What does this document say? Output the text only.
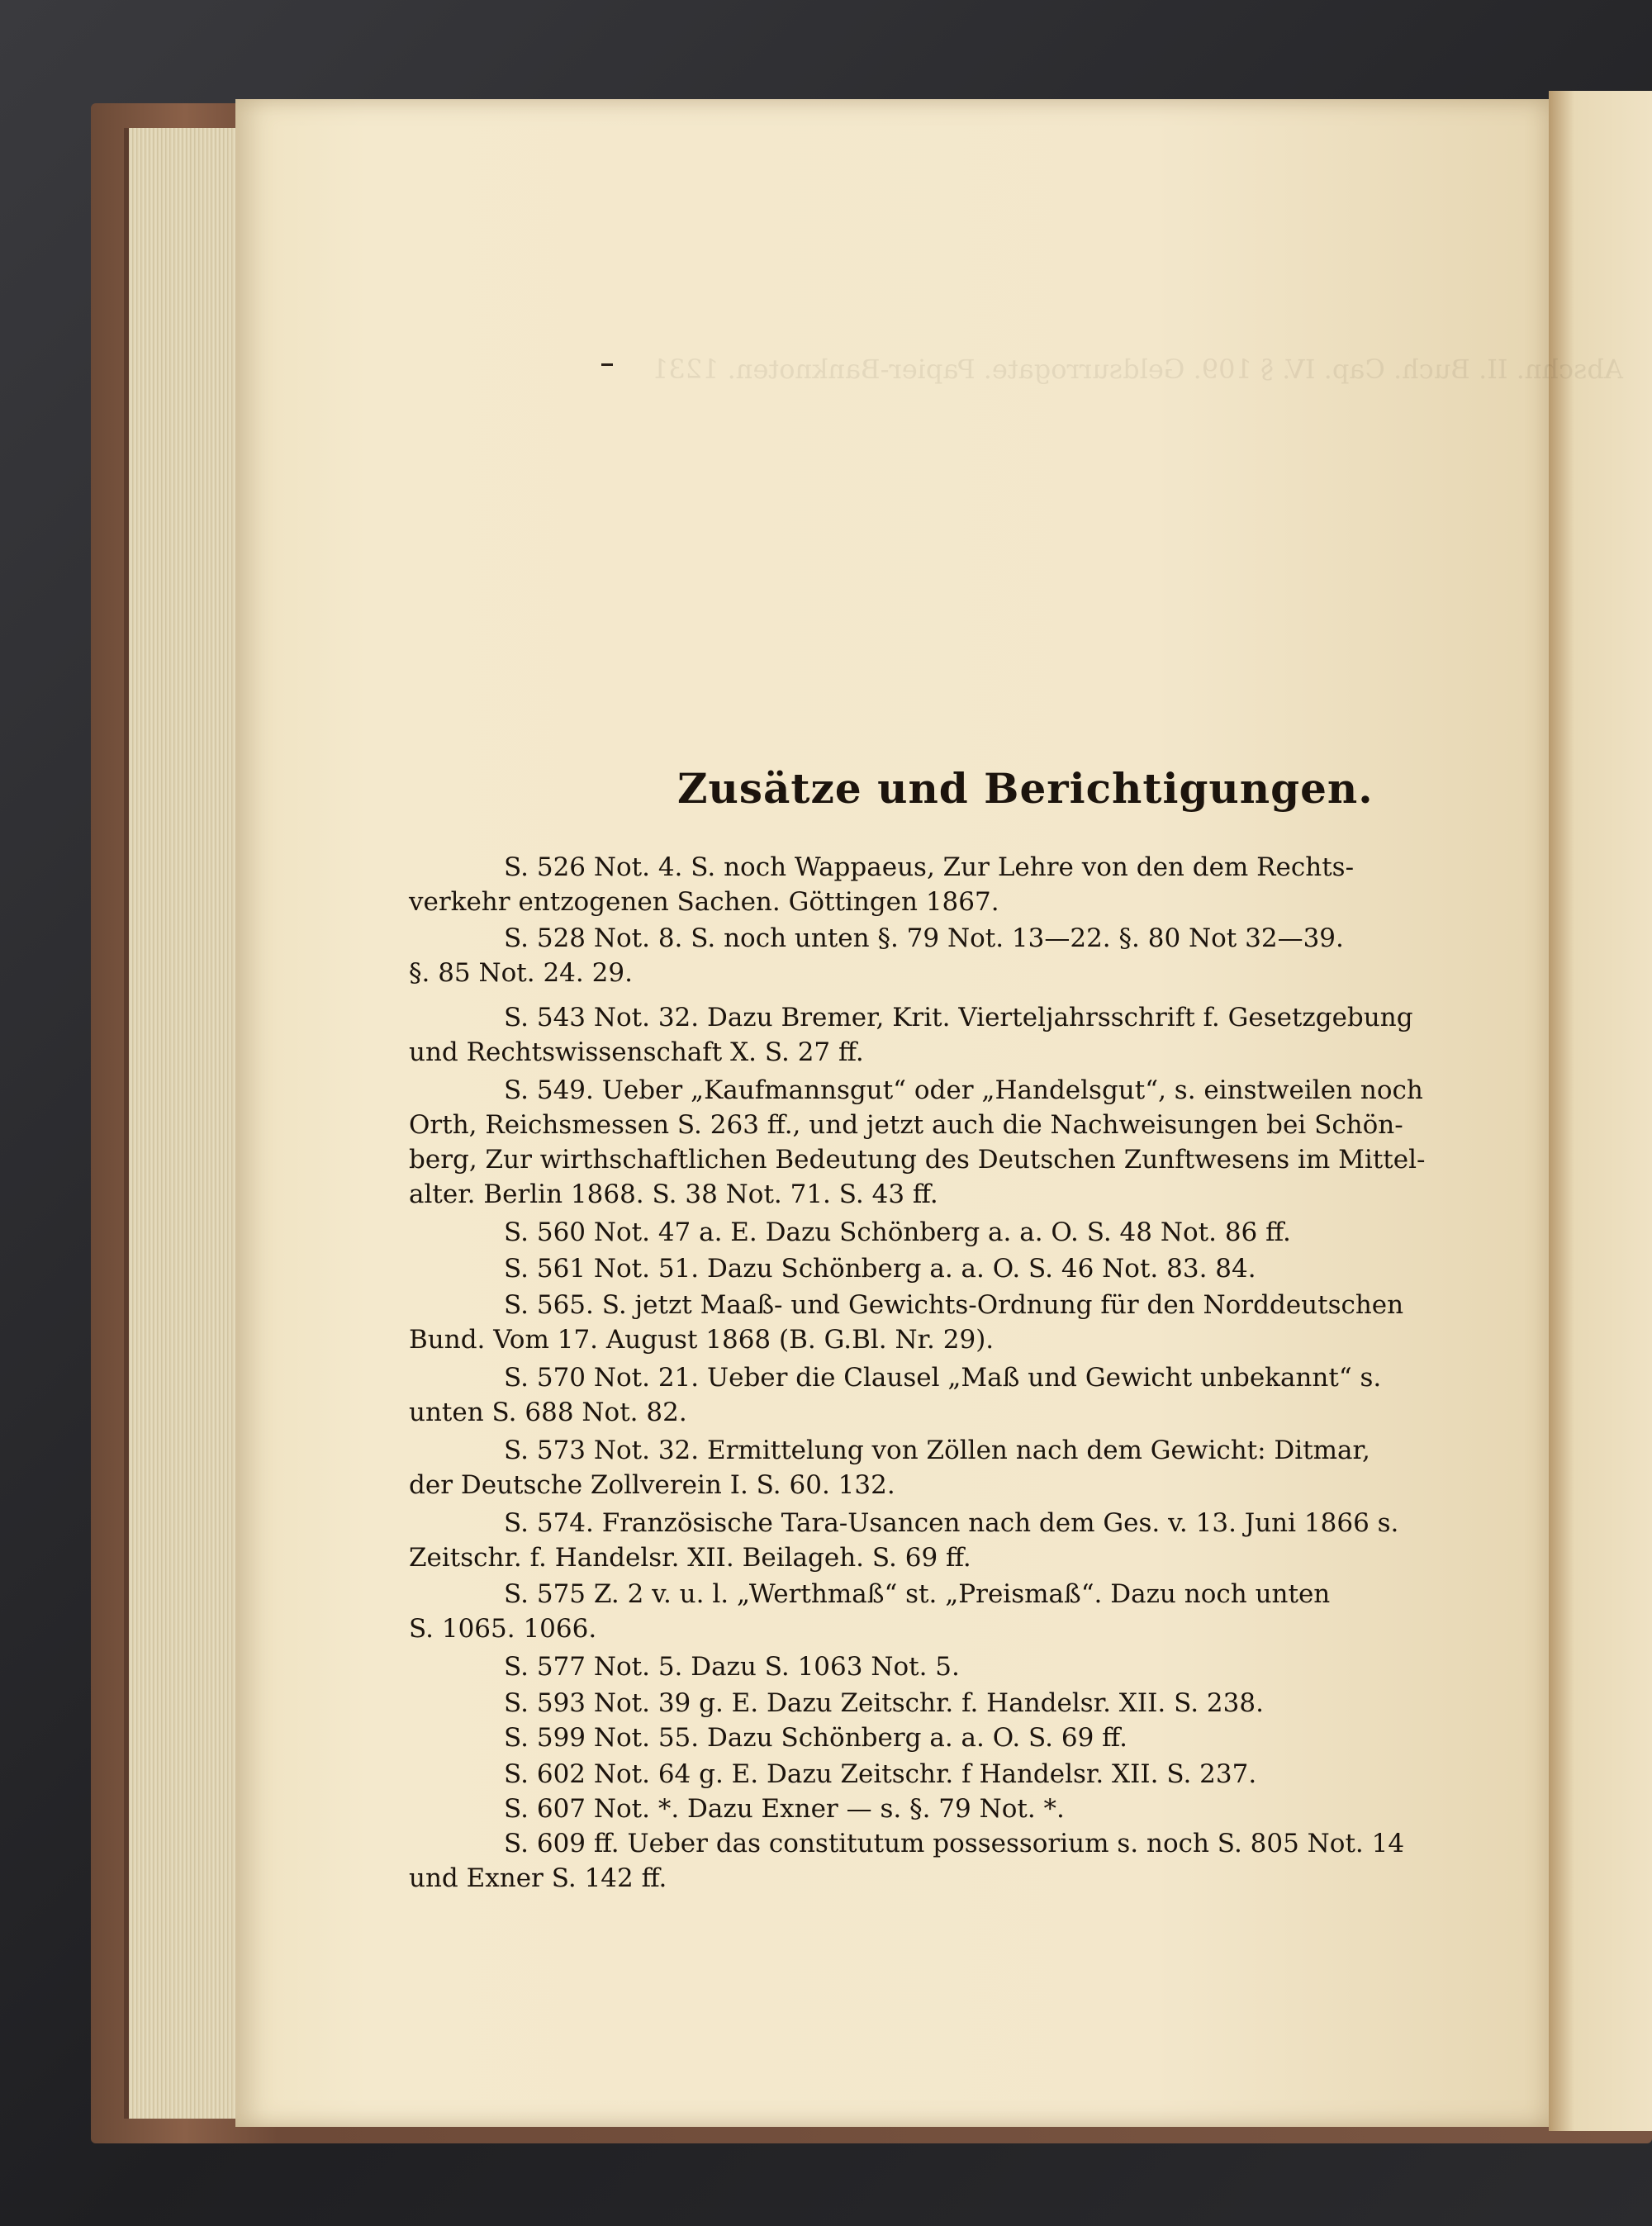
Abschn. II. Buch. Cap. IV. § 109. Geldsurrogate. Papier-Banknoten. 1231
Zusätze und Berichtigungen.
S. 526 Not. 4. S. noch Wappaeus, Zur Lehre von den dem Rechts-
verkehr entzogenen Sachen. Göttingen 1867.
S. 528 Not. 8. S. noch unten §. 79 Not. 13—22. §. 80 Not 32—39.
§. 85 Not. 24. 29.
S. 543 Not. 32. Dazu Bremer, Krit. Vierteljahrsschrift f. Gesetzgebung
und Rechtswissenschaft X. S. 27 ff.
S. 549. Ueber „Kaufmannsgut“ oder „Handelsgut“, s. einstweilen noch
Orth, Reichsmessen S. 263 ff., und jetzt auch die Nachweisungen bei Schön-
berg, Zur wirthschaftlichen Bedeutung des Deutschen Zunftwesens im Mittel-
alter. Berlin 1868. S. 38 Not. 71. S. 43 ff.
S. 560 Not. 47 a. E. Dazu Schönberg a. a. O. S. 48 Not. 86 ff.
S. 561 Not. 51. Dazu Schönberg a. a. O. S. 46 Not. 83. 84.
S. 565. S. jetzt Maaß- und Gewichts-Ordnung für den Norddeutschen
Bund. Vom 17. August 1868 (B. G.Bl. Nr. 29).
S. 570 Not. 21. Ueber die Clausel „Maß und Gewicht unbekannt“ s.
unten S. 688 Not. 82.
S. 573 Not. 32. Ermittelung von Zöllen nach dem Gewicht: Ditmar,
der Deutsche Zollverein I. S. 60. 132.
S. 574. Französische Tara-Usancen nach dem Ges. v. 13. Juni 1866 s.
Zeitschr. f. Handelsr. XII. Beilageh. S. 69 ff.
S. 575 Z. 2 v. u. l. „Werthmaß“ st. „Preismaß“. Dazu noch unten
S. 1065. 1066.
S. 577 Not. 5. Dazu S. 1063 Not. 5.
S. 593 Not. 39 g. E. Dazu Zeitschr. f. Handelsr. XII. S. 238.
S. 599 Not. 55. Dazu Schönberg a. a. O. S. 69 ff.
S. 602 Not. 64 g. E. Dazu Zeitschr. f Handelsr. XII. S. 237.
S. 607 Not. *. Dazu Exner — s. §. 79 Not. *.
S. 609 ff. Ueber das constitutum possessorium s. noch S. 805 Not. 14
und Exner S. 142 ff.
